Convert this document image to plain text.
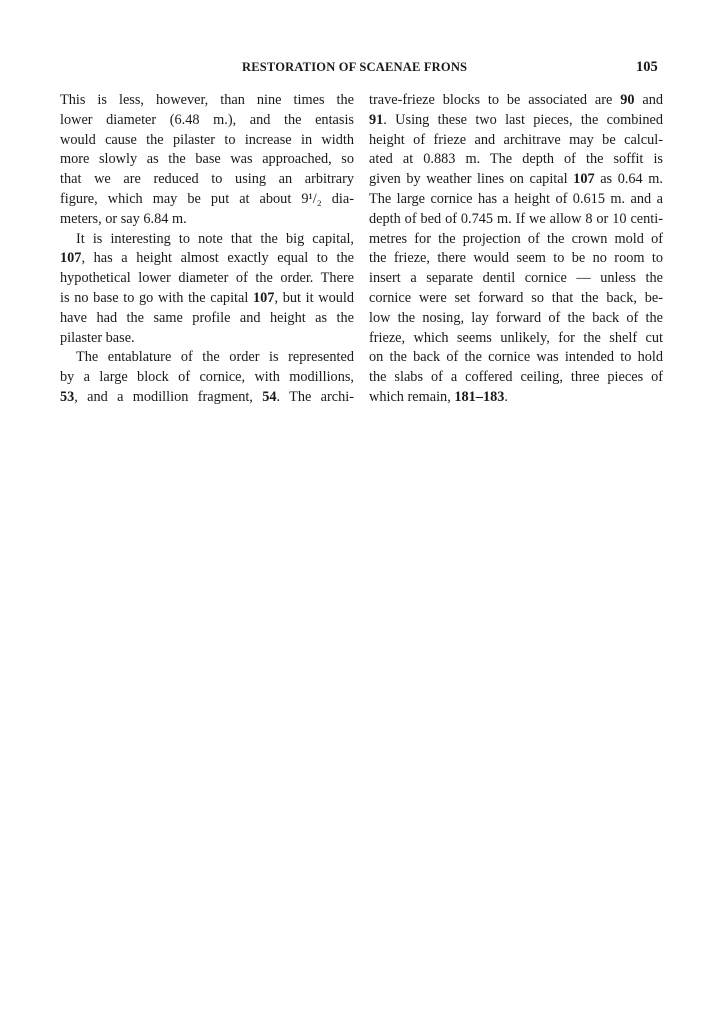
RESTORATION OF SCAENAE FRONS	105
This is less, however, than nine times the
lower diameter (6.48 m.), and the entasis
would cause the pilaster to increase in width
more slowly as the base was approached, so
that we are reduced to using an arbitrary
figure, which may be put at about 9¹/₂ dia-
meters, or say 6.84 m.
It is interesting to note that the big capital,
107, has a height almost exactly equal to the
hypothetical lower diameter of the order. There
is no base to go with the capital 107, but it would
have had the same profile and height as the
pilaster base.
The entablature of the order is represented
by a large block of cornice, with modillions,
53, and a modillion fragment, 54. The archi-
trave-frieze blocks to be associated are 90 and
91. Using these two last pieces, the combined
height of frieze and architrave may be calcul-
ated at 0.883 m. The depth of the soffit is
given by weather lines on capital 107 as 0.64 m.
The large cornice has a height of 0.615 m. and a
depth of bed of 0.745 m. If we allow 8 or 10 centi-
metres for the projection of the crown mold of
the frieze, there would seem to be no room to
insert a separate dentil cornice — unless the
cornice were set forward so that the back, be-
low the nosing, lay forward of the back of the
frieze, which seems unlikely, for the shelf cut
on the back of the cornice was intended to hold
the slabs of a coffered ceiling, three pieces of
which remain, 181–183.
